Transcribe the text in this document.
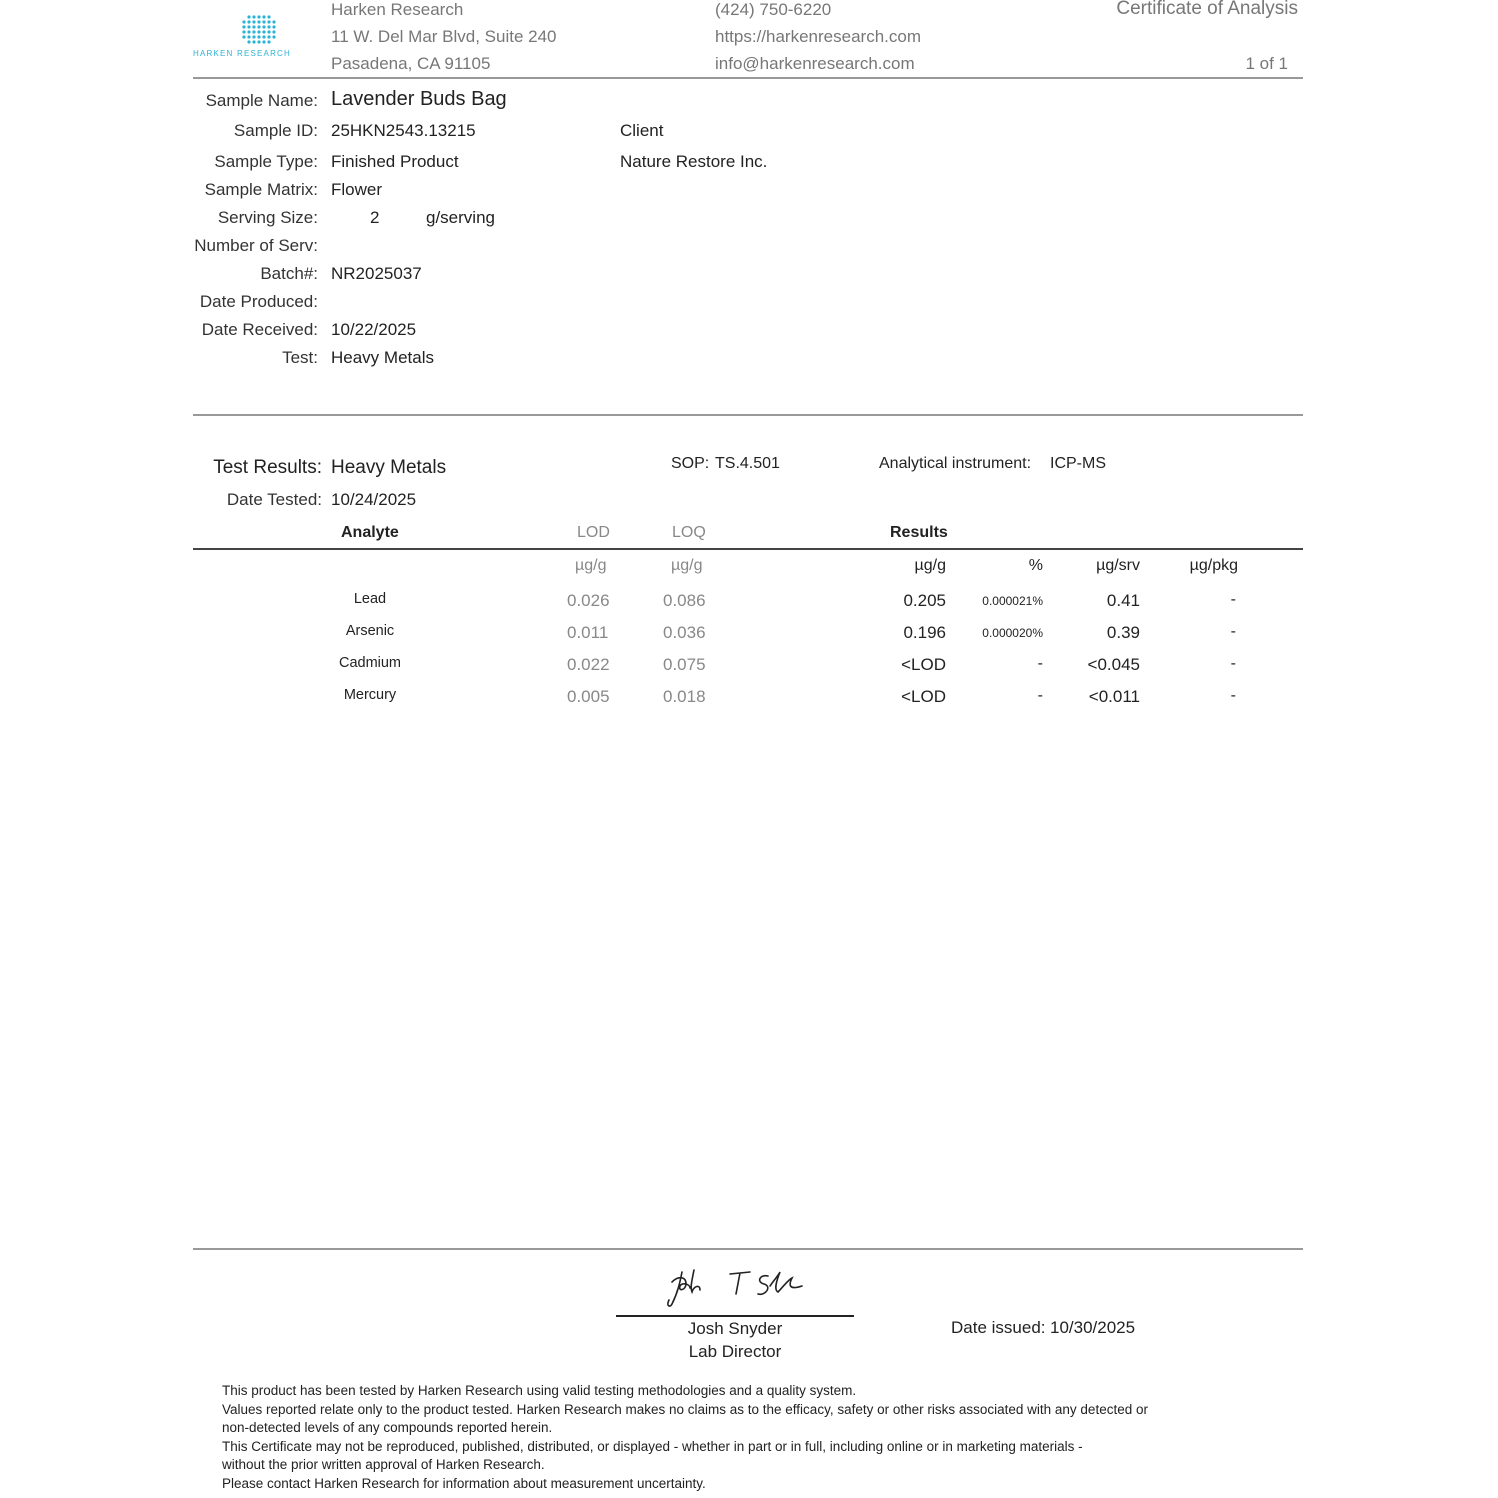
HARKEN RESEARCH
Harken Research
11 W. Del Mar Blvd, Suite 240
Pasadena, CA 91105
(424) 750-6220
https://harkenresearch.com
info@harkenresearch.com
Certificate of Analysis
1 of 1
Sample Name: Lavender Buds Bag
Sample ID: 25HKN2543.13215	Client
Nature Restore Inc.
Sample Type: Finished Product
Sample Matrix: Flower
Serving Size:	2	g/serving
Number of Serv:
Batch#: NR2025037
Date Produced:
Date Received: 10/22/2025
Test: Heavy Metals
Test Results: Heavy Metals	SOP: TS.4.501	Analytical instrument: ICP-MS
Date Tested: 10/24/2025
Analyte	LOD	LOQ	Results
µg/g	µg/g	µg/g	%	µg/srv	µg/pkg
Lead	0.026	0.086	0.205	0.000021%	0.41	-
Arsenic	0.011	0.036	0.196	0.000020%	0.39	-
Cadmium	0.022	0.075	<LOD	-	<0.045	-
Mercury	0.005	0.018	<LOD	-	<0.011	-
Josh Snyder
Lab Director
Date issued: 10/30/2025
This product has been tested by Harken Research using valid testing methodologies and a quality system.
Values reported relate only to the product tested. Harken Research makes no claims as to the efficacy, safety or other risks associated with any detected or
non-detected levels of any compounds reported herein.
This Certificate may not be reproduced, published, distributed, or displayed - whether in part or in full, including online or in marketing materials -
without the prior written approval of Harken Research.
Please contact Harken Research for information about measurement uncertainty.
